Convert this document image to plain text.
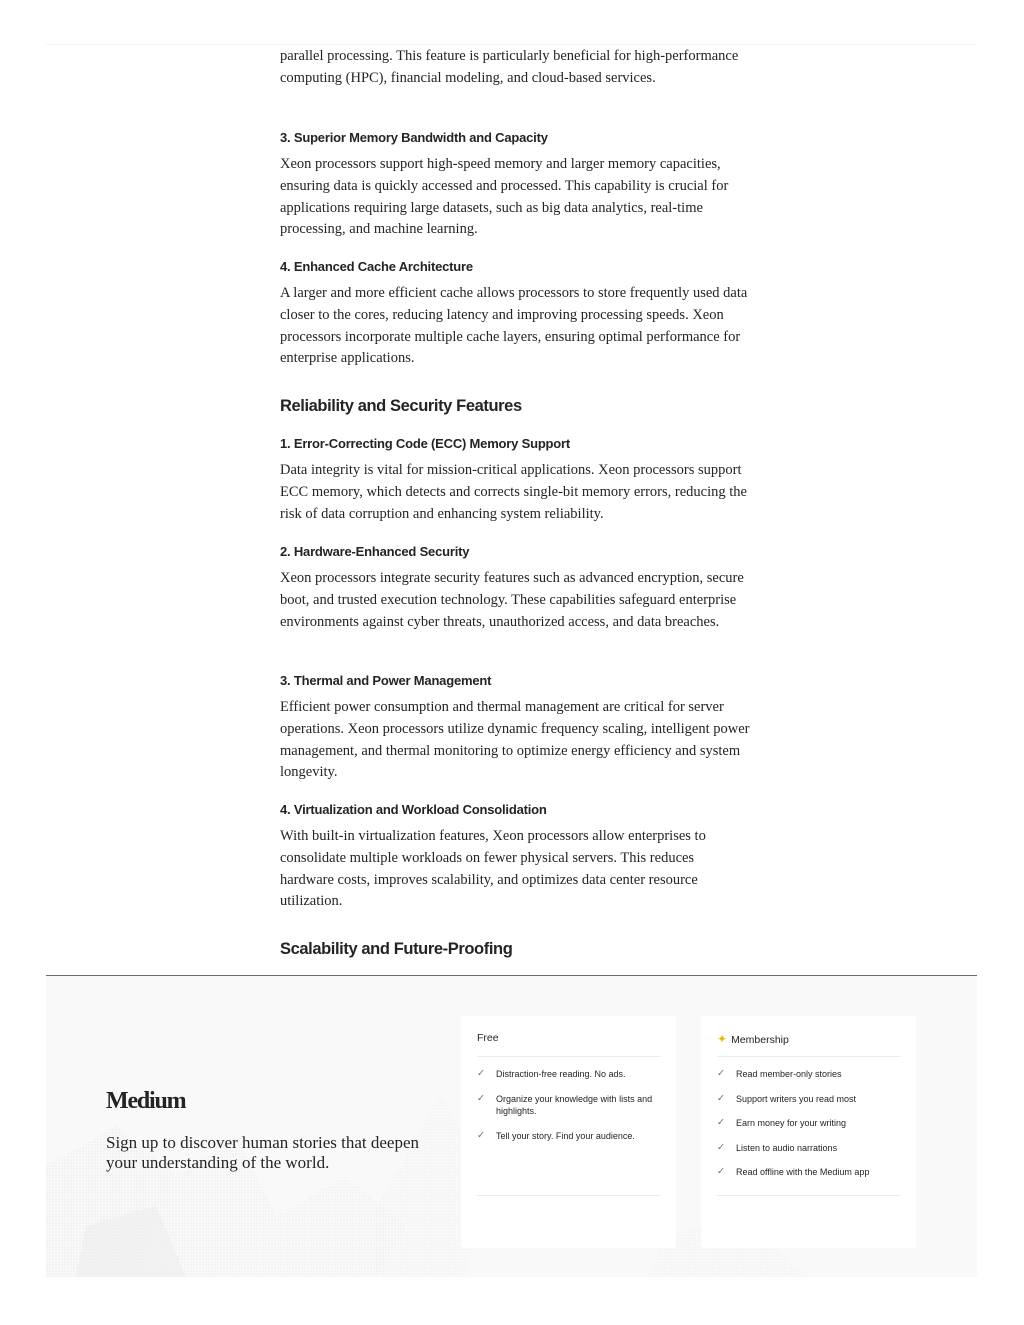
parallel processing. This feature is particularly beneficial for high-performance computing (HPC), financial modeling, and cloud-based services.

3. Superior Memory Bandwidth and Capacity

Xeon processors support high-speed memory and larger memory capacities, ensuring data is quickly accessed and processed. This capability is crucial for applications requiring large datasets, such as big data analytics, real-time processing, and machine learning.

4. Enhanced Cache Architecture

A larger and more efficient cache allows processors to store frequently used data closer to the cores, reducing latency and improving processing speeds. Xeon processors incorporate multiple cache layers, ensuring optimal performance for enterprise applications.

Reliability and Security Features
1. Error-Correcting Code (ECC) Memory Support

Data integrity is vital for mission-critical applications. Xeon processors support ECC memory, which detects and corrects single-bit memory errors, reducing the risk of data corruption and enhancing system reliability.

2. Hardware-Enhanced Security

Xeon processors integrate security features such as advanced encryption, secure boot, and trusted execution technology. These capabilities safeguard enterprise environments against cyber threats, unauthorized access, and data breaches.

3. Thermal and Power Management

Efficient power consumption and thermal management are critical for server operations. Xeon processors utilize dynamic frequency scaling, intelligent power management, and thermal monitoring to optimize energy efficiency and system longevity.

4. Virtualization and Workload Consolidation

With built-in virtualization features, Xeon processors allow enterprises to consolidate multiple workloads on fewer physical servers. This reduces hardware costs, improves scalability, and optimizes data center resource utilization.

Scalability and Future-Proofing
Medium
Sign up to discover human stories that deepen your understanding of the world.
Free
✓ Distraction-free reading. No ads.
✓ Organize your knowledge with lists and highlights.
✓ Tell your story. Find your audience.
✦ Membership
✓ Read member-only stories
✓ Support writers you read most
✓ Earn money for your writing
✓ Listen to audio narrations
✓ Read offline with the Medium app
